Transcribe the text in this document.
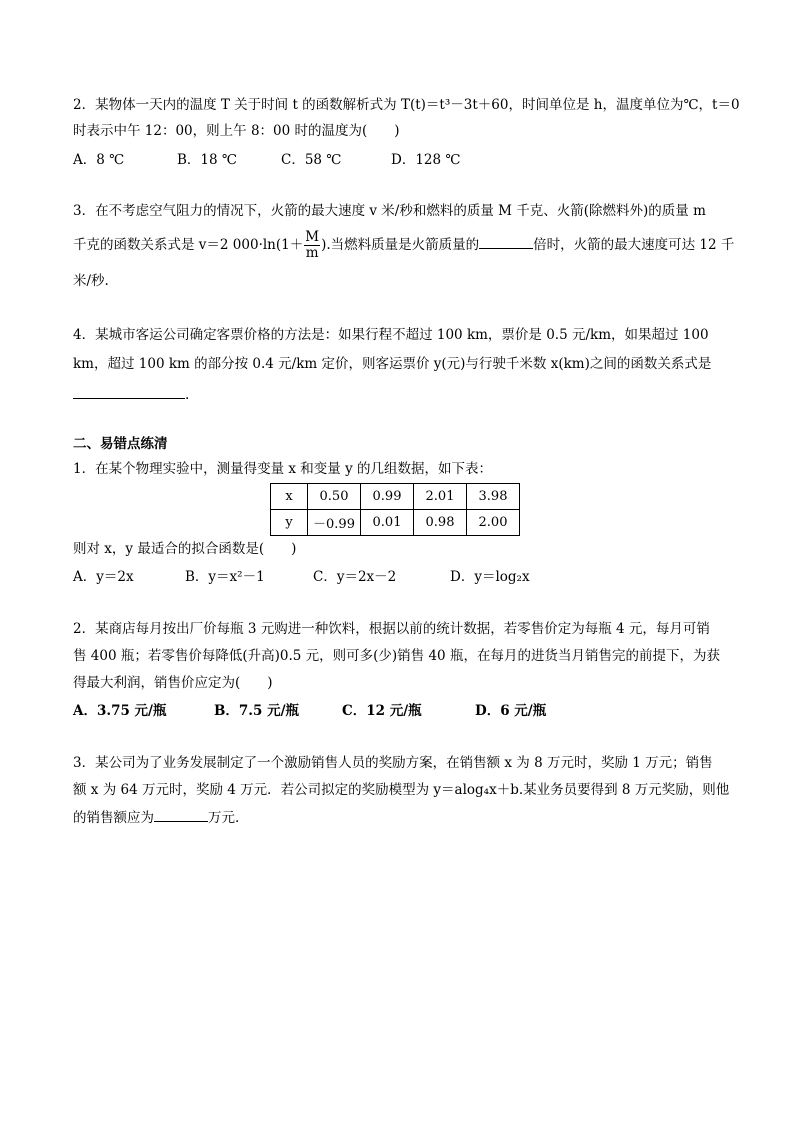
2．某物体一天内的温度 T 关于时间 t 的函数解析式为 T(t)＝t³－3t＋60，时间单位是 h，温度单位为℃，t＝0
时表示中午 12：00，则上午 8：00 时的温度为(　　)
A．8 ℃	B．18 ℃	C．58 ℃	D．128 ℃
3．在不考虑空气阻力的情况下，火箭的最大速度 v 米/秒和燃料的质量 M 千克、火箭(除燃料外)的质量 m
千克的函数关系式是 v＝2 $000\cdot\ln(1+ \frac{M}{m}$ ).当燃料质量是火箭质量的	倍时，火箭的最大速度可达 12 千
米/秒.
4．某城市客运公司确定客票价格的方法是：如果行程不超过 100 km，票价是 0.5 元/km，如果超过 100
km，超过 100 km 的部分按 0.4 元/km 定价，则客运票价 y(元)与行驶千米数 x(km)之间的函数关系式是
.
二、易错点练清
1．在某个物理实验中，测量得变量 x 和变量 y 的几组数据，如下表：
x	0.50	0.99	2.01	3.98
y	－0.99	0.01	0.98	2.00
则对 x，y 最适合的拟合函数是(　　)
A．y＝2x	B．y＝x²－1	C．y＝2x－2	D．y＝log₂x
2．某商店每月按出厂价每瓶 3 元购进一种饮料，根据以前的统计数据，若零售价定为每瓶 4 元，每月可销
售 400 瓶；若零售价每降低(升高)0.5 元，则可多(少)销售 40 瓶，在每月的进货当月销售完的前提下，为获
得最大利润，销售价应定为(　　)
A．3.75 元/瓶	B．7.5 元/瓶	C．12 元/瓶	D．6 元/瓶
3．某公司为了业务发展制定了一个激励销售人员的奖励方案，在销售额 x 为 8 万元时，奖励 1 万元；销售
额 x 为 64 万元时，奖励 4 万元．若公司拟定的奖励模型为 y＝alog₄x＋b.某业务员要得到 8 万元奖励，则他
的销售额应为	万元.
